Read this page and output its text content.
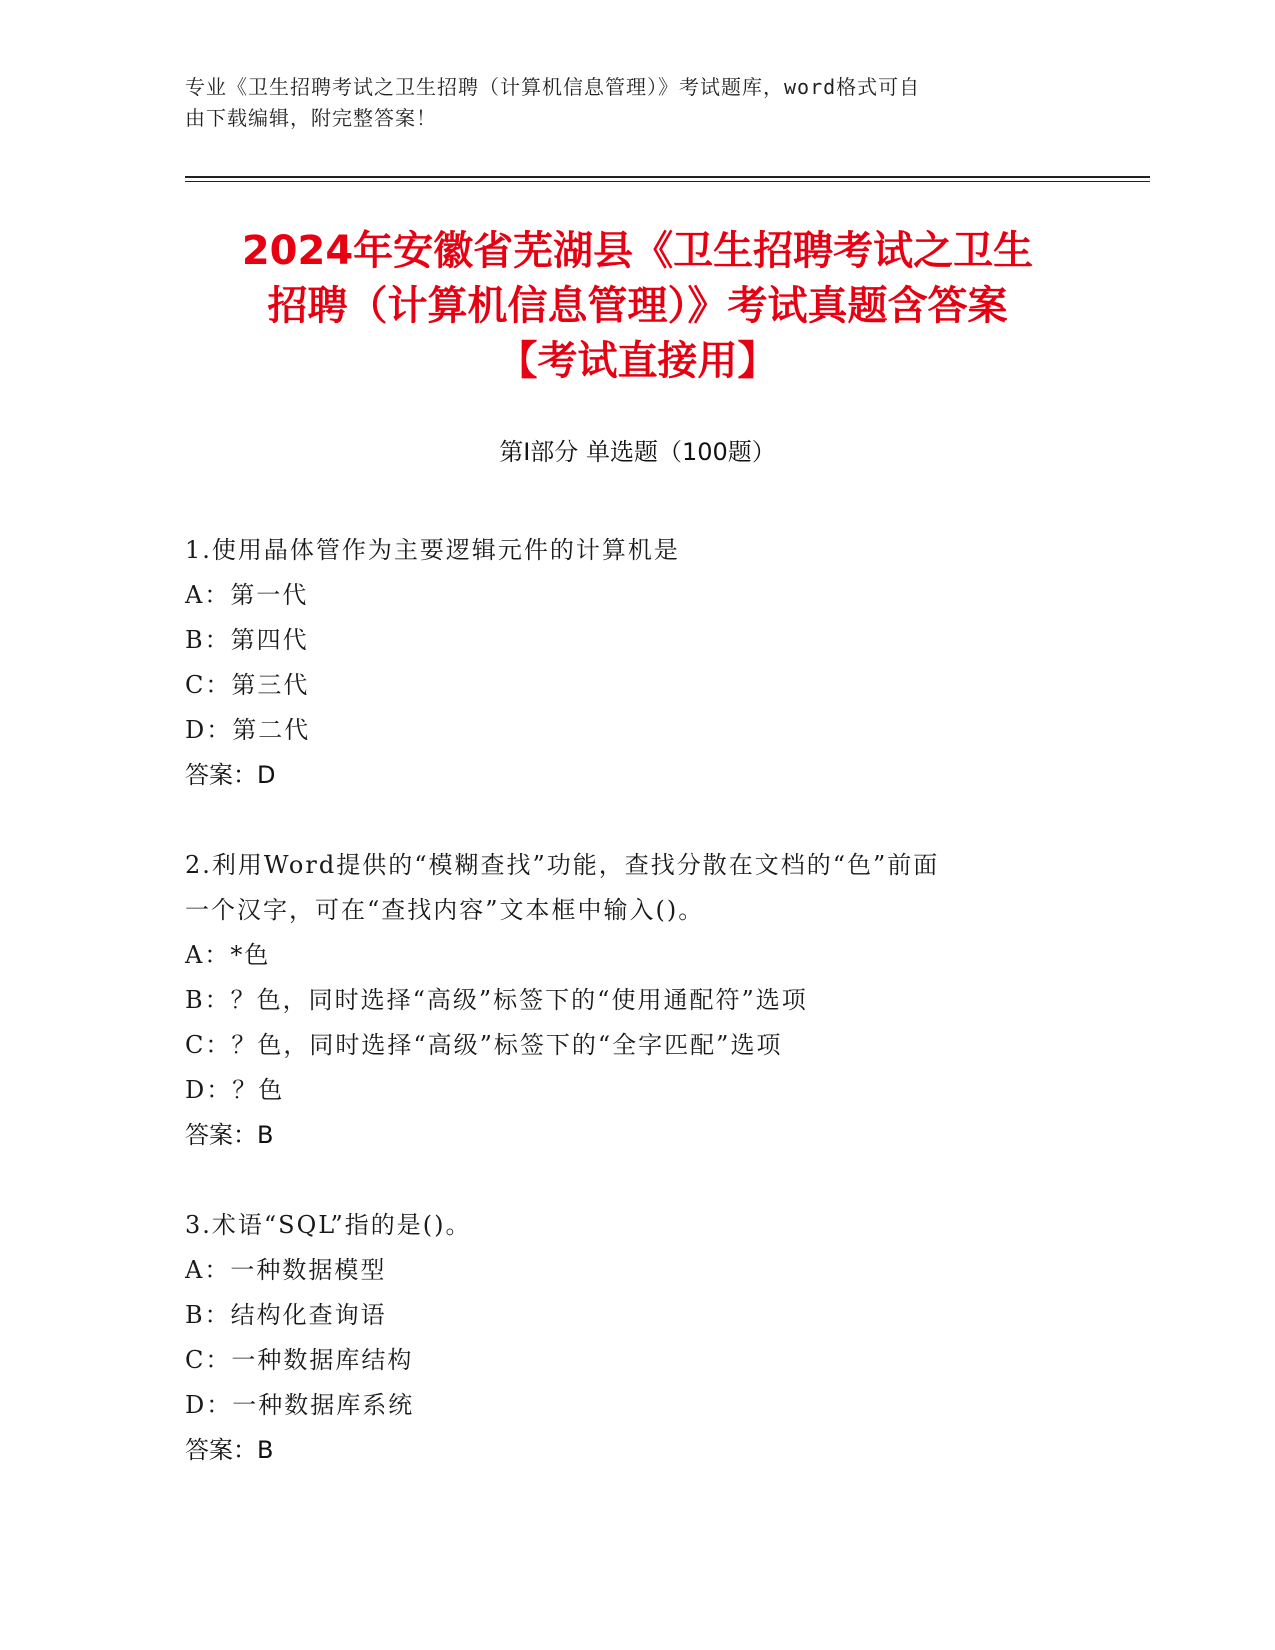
专业《卫生招聘考试之卫生招聘（计算机信息管理）》考试题库，word格式可自
由下载编辑，附完整答案！
2024年安徽省芜湖县《卫生招聘考试之卫生
招聘（计算机信息管理）》考试真题含答案
【考试直接用】
第Ⅰ部分 单选题（100题）
1.使用晶体管作为主要逻辑元件的计算机是
A：第一代
B：第四代
C：第三代
D：第二代
答案：D
2.利用Word提供的“模糊查找”功能，查找分散在文档的“色”前面
一个汉字，可在“查找内容”文本框中输入()。
A：*色
B：？色，同时选择“高级”标签下的“使用通配符”选项
C：？色，同时选择“高级”标签下的“全字匹配”选项
D：？色
答案：B
3.术语“SQL”指的是()。
A：一种数据模型
B：结构化查询语
C：一种数据库结构
D：一种数据库系统
答案：B
